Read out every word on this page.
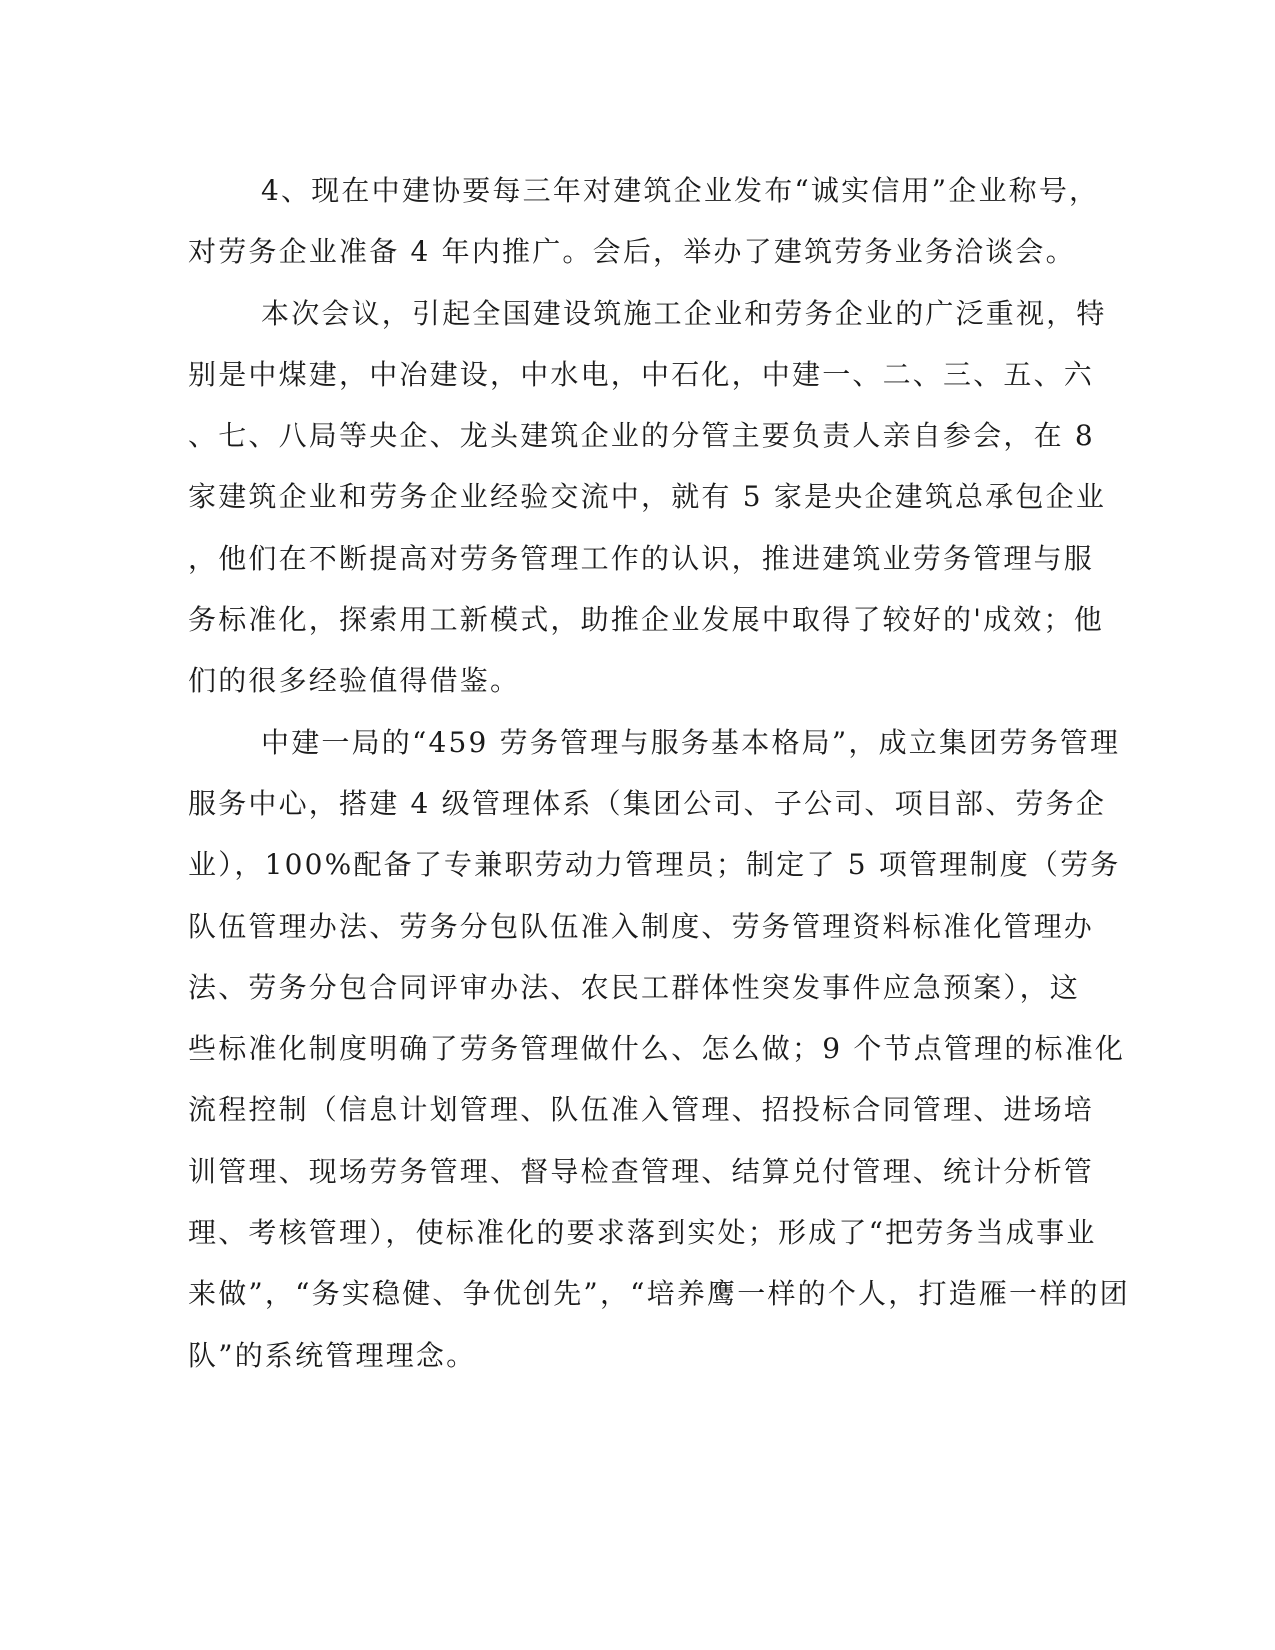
4、现在中建协要每三年对建筑企业发布“诚实信用”企业称号，
对劳务企业准备 4 年内推广。会后，举办了建筑劳务业务洽谈会。
本次会议，引起全国建设筑施工企业和劳务企业的广泛重视，特
别是中煤建，中冶建设，中水电，中石化，中建一、二、三、五、六
、七、八局等央企、龙头建筑企业的分管主要负责人亲自参会，在 8
家建筑企业和劳务企业经验交流中，就有 5 家是央企建筑总承包企业
，他们在不断提高对劳务管理工作的认识，推进建筑业劳务管理与服
务标准化，探索用工新模式，助推企业发展中取得了较好的'成效；他
们的很多经验值得借鉴。
中建一局的“459 劳务管理与服务基本格局”，成立集团劳务管理
服务中心，搭建 4 级管理体系（集团公司、子公司、项目部、劳务企
业），100%配备了专兼职劳动力管理员；制定了 5 项管理制度（劳务
队伍管理办法、劳务分包队伍准入制度、劳务管理资料标准化管理办
法、劳务分包合同评审办法、农民工群体性突发事件应急预案），这
些标准化制度明确了劳务管理做什么、怎么做；9 个节点管理的标准化
流程控制（信息计划管理、队伍准入管理、招投标合同管理、进场培
训管理、现场劳务管理、督导检查管理、结算兑付管理、统计分析管
理、考核管理），使标准化的要求落到实处；形成了“把劳务当成事业
来做”，“务实稳健、争优创先”，“培养鹰一样的个人，打造雁一样的团
队”的系统管理理念。
